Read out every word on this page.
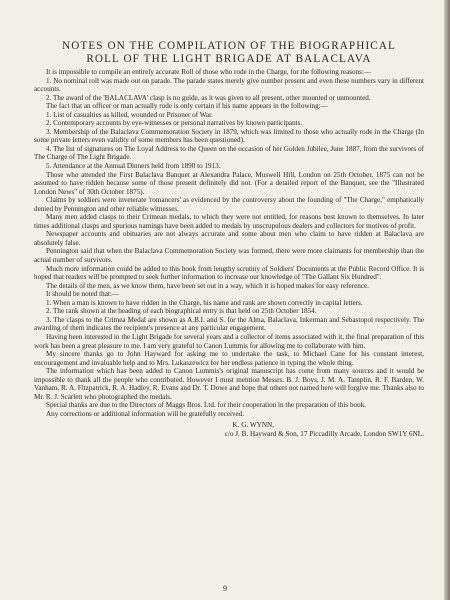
NOTES ON THE COMPILATION OF THE BIOGRAPHICAL
ROLL OF THE LIGHT BRIGADE AT BALACLAVA

It is impossible to compile an entirely accurate Roll of those who rode in the Charge, for the following reasons:—

1. No nominal roll was made out on parade. The parade states merely give number present and even these numbers vary in different accounts.

2. The award of the 'BALACLAVA' clasp is no guide, as it was given to all present, other mounted or unmounted.

The fact that an officer or man actually rode is only certain if his name appears in the following:—

1. List of casualties as killed, wounded or Prisoner of War.

2. Contemporary accounts by eye-witnesses or personal narratives by known participants.

3. Membership of the Balaclava Commemoration Society in 1879, which was limited to those who actually rode in the Charge (In some private letters even validity of some members has been questioned).

4. The list of signatures on The Loyal Address to the Queen on the occasion of her Golden Jubilee, June 1887, from the survivors of The Charge of The Light Brigade.

5. Attendance at the Annual Dinners held from 1890 to 1913.

Those who attended the First Balaclava Banquet at Alexandra Palace, Muswell Hill, London on 25th October, 1875 can not be assumed to have ridden because some of those present definitely did not. (For a detailed report of the Banquet, see the "Illustrated London News" of 30th October 1875).

Claims by soldiers were inveterate 'romancers' as evidenced by the controversy about the founding of "The Charge," emphatically denied by Pennington and other reliable witnesses.

Many men added clasps to their Crimean medals, to which they were not entitled, for reasons best known to themselves. In later times additional clasps and spurious namings have been added to medals by unscrupulous dealers and collectors for motives of profit.

Newspaper accounts and obituaries are not always accurate and some about men who claim to have ridden at Balaclava are absolutely false.

Pennington said that when the Balaclava Commemoration Society was formed, there were more claimants for membership than the actual number of survivors.

Much more information could be added to this book from lengthy scrutiny of Soldiers' Documents at the Public Record Office. It is hoped that readers will be prompted to seek further information to increase our knowledge of "The Gallant Six Hundred".

The details of the men, as we know them, have been set out in a way, which it is hoped makes for easy reference.

It should be noted that:—

1. When a man is known to have ridden in the Charge, his name and rank are shown correctly in capital letters.

2. The rank shown at the heading of each biographical entry is that held on 25th October 1854.

3. The clasps to the Crimea Medal are shown as A.B.I. and S. for the Alma, Balaclava, Inkerman and Sebastopol respectively. The awarding of them indicates the recipient's presence at any particular engagement.

Having been interested in the Light Brigade for several years and a collector of items associated with it, the final preparation of this work has been a great pleasure to me. I am very grateful to Canon Lummis for allowing me to collaborate with him.

My sincere thanks go to John Hayward for asking me to undertake the task, to Michael Cane for his constant interest, encouragement and invaluable help and to Mrs. Lukaszewicz for her endless patience in typing the whole thing.

The information which has been added to Canon Lummis's original manuscript has come from many sources and it would be impossible to thank all the people who contributed. However I must mention Messrs. B. J. Boys, J. M. A. Tamplin, R. F. Barden, W. Vanham, R. A. Fitzpatrick, R. A. Hadley, R. Evans and Dr. T. Dowe and hope that others not named here will forgive me. Thanks also to Mr. R. J. Scarlett who photographed the medals.

Special thanks are due to the Directors of Maggs Bros. Ltd. for their cooperation in the preparation of this book.

Any corrections or additional information will be gratefully received.

K. G. WYNN,
c/o J. B. Hayward & Son, 17 Piccadilly Arcade, London SW1Y 6NL.
9
